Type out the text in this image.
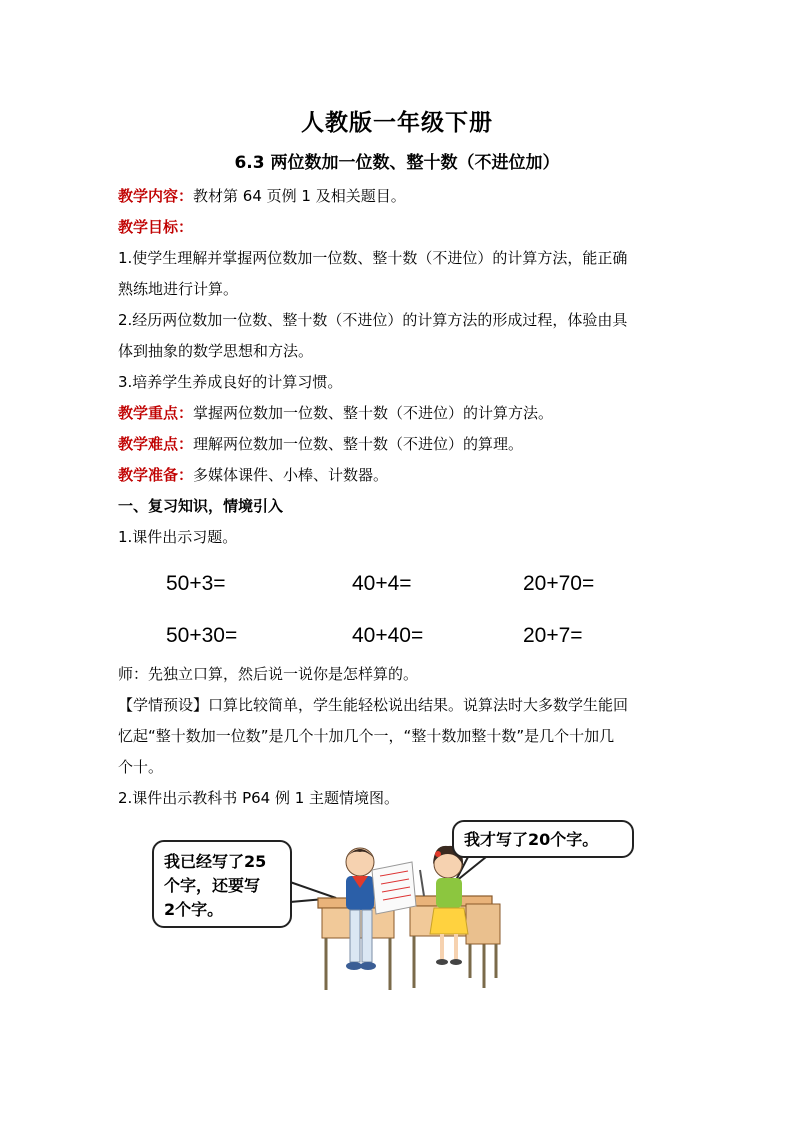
人教版一年级下册
6.3 两位数加一位数、整十数（不进位加）

教学内容：教材第 64 页例 1 及相关题目。

教学目标：

1.使学生理解并掌握两位数加一位数、整十数（不进位）的计算方法，能正确

熟练地进行计算。

2.经历两位数加一位数、整十数（不进位）的计算方法的形成过程，体验由具

体到抽象的数学思想和方法。

3.培养学生养成良好的计算习惯。

教学重点：掌握两位数加一位数、整十数（不进位）的计算方法。

教学难点：理解两位数加一位数、整十数（不进位）的算理。

教学准备：多媒体课件、小棒、计数器。

一、复习知识，情境引入

1.课件出示习题。

50+3=	40+4=	20+70=
50+30=	40+40=	20+7=

师：先独立口算，然后说一说你是怎样算的。

【学情预设】口算比较简单，学生能轻松说出结果。说算法时大多数学生能回

忆起“整十数加一位数”是几个十加几个一，“整十数加整十数”是几个十加几

个十。

2.课件出示教科书 P64 例 1 主题情境图。

我已经写了25
个字，还要写
2个字。
我才写了20个字。
